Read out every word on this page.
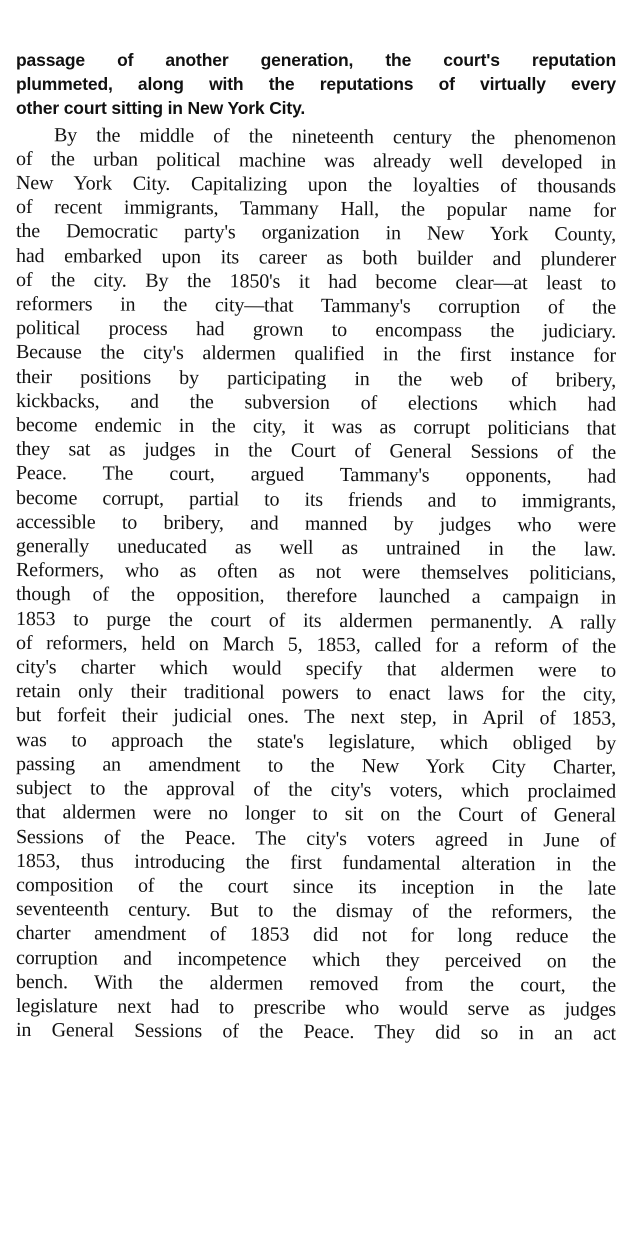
passage of another generation, the court's reputation
plummeted, along with the reputations of virtually every
other court sitting in New York City.
By the middle of the nineteenth century the phenomenon
of the urban political machine was already well developed in
New York City. Capitalizing upon the loyalties of thousands
of recent immigrants, Tammany Hall, the popular name for
the Democratic party's organization in New York County,
had embarked upon its career as both builder and plunderer
of the city. By the 1850's it had become clear—at least to
reformers in the city—that Tammany's corruption of the
political process had grown to encompass the judiciary.
Because the city's aldermen qualified in the first instance for
their positions by participating in the web of bribery,
kickbacks, and the subversion of elections which had
become endemic in the city, it was as corrupt politicians that
they sat as judges in the Court of General Sessions of the
Peace. The court, argued Tammany's opponents, had
become corrupt, partial to its friends and to immigrants,
accessible to bribery, and manned by judges who were
generally uneducated as well as untrained in the law.
Reformers, who as often as not were themselves politicians,
though of the opposition, therefore launched a campaign in
1853 to purge the court of its aldermen permanently. A rally
of reformers, held on March 5, 1853, called for a reform of the
city's charter which would specify that aldermen were to
retain only their traditional powers to enact laws for the city,
but forfeit their judicial ones. The next step, in April of 1853,
was to approach the state's legislature, which obliged by
passing an amendment to the New York City Charter,
subject to the approval of the city's voters, which proclaimed
that aldermen were no longer to sit on the Court of General
Sessions of the Peace. The city's voters agreed in June of
1853, thus introducing the first fundamental alteration in the
composition of the court since its inception in the late
seventeenth century. But to the dismay of the reformers, the
charter amendment of 1853 did not for long reduce the
corruption and incompetence which they perceived on the
bench. With the aldermen removed from the court, the
legislature next had to prescribe who would serve as judges
in General Sessions of the Peace. They did so in an act
